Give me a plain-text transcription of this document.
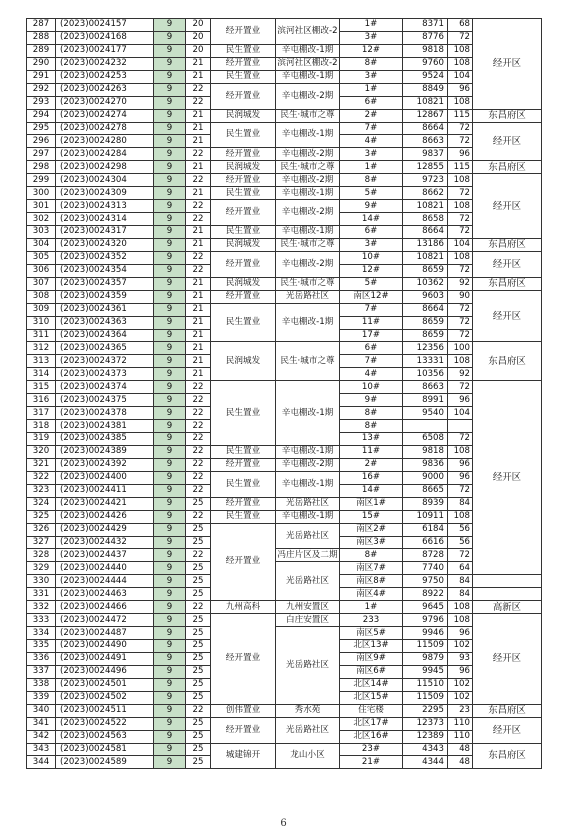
287	(2023)0024157	9	20	经开置业	滨河社区棚改-2	1#	8371	68	经开区
288	(2023)0024168	9	20			3#	8776	72	
289	(2023)0024177	9	20	民生置业	辛屯棚改-1期	12#	9818	108	
290	(2023)0024232	9	21	经开置业	滨河社区棚改-2	8#	9760	108	
291	(2023)0024253	9	21	民生置业	辛屯棚改-1期	3#	9524	104	
292	(2023)0024263	9	22	经开置业	辛屯棚改-2期	1#	8849	96	
293	(2023)0024270	9	22			6#	10821	108	
294	(2023)0024274	9	21	民润城发	民生·城市之尊	2#	12867	115	东昌府区
295	(2023)0024278	9	21	民生置业	辛屯棚改-1期	7#	8664	72	经开区
296	(2023)0024280	9	21			4#	8663	72	
297	(2023)0024284	9	22	经开置业	辛屯棚改-2期	3#	9837	96	
298	(2023)0024298	9	21	民润城发	民生·城市之尊	1#	12855	115	东昌府区
299	(2023)0024304	9	22	经开置业	辛屯棚改-2期	8#	9723	108	经开区
300	(2023)0024309	9	21	民生置业	辛屯棚改-1期	5#	8662	72	
301	(2023)0024313	9	22	经开置业	辛屯棚改-2期	9#	10821	108	
302	(2023)0024314	9	22			14#	8658	72	
303	(2023)0024317	9	21	民生置业	辛屯棚改-1期	6#	8664	72	
304	(2023)0024320	9	21	民润城发	民生·城市之尊	3#	13186	104	东昌府区
305	(2023)0024352	9	22	经开置业	辛屯棚改-2期	10#	10821	108	经开区
306	(2023)0024354	9	22			12#	8659	72	
307	(2023)0024357	9	21	民润城发	民生·城市之尊	5#	10362	92	东昌府区
308	(2023)0024359	9	21	经开置业	光岳路社区	南区12#	9603	90	经开区
309	(2023)0024361	9	21	民生置业	辛屯棚改-1期	7#	8664	72	
310	(2023)0024363	9	21			11#	8659	72	
311	(2023)0024364	9	21			17#	8659	72	
312	(2023)0024365	9	21	民润城发	民生·城市之尊	6#	12356	100	东昌府区
313	(2023)0024372	9	21			7#	13331	108	
314	(2023)0024373	9	21			4#	10356	92	
315	(2023)0024374	9	22	民生置业	辛屯棚改-1期	10#	8663	72	经开区
316	(2023)0024375	9	22			9#	8991	96	
317	(2023)0024378	9	22			8#	9540	104	
318	(2023)0024381	9	22			8#			
319	(2023)0024385	9	22			13#	6508	72	
320	(2023)0024389	9	22	民生置业	辛屯棚改-1期	11#	9818	108	
321	(2023)0024392	9	22	经开置业	辛屯棚改-2期	2#	9836	96	
322	(2023)0024400	9	22	民生置业	辛屯棚改-1期	16#	9000	96	
323	(2023)0024411	9	22			14#	8665	72	
324	(2023)0024421	9	25	经开置业	光岳路社区	南区1#	8939	84	
325	(2023)0024426	9	22	民生置业	辛屯棚改-1期	15#	10911	108	
326	(2023)0024429	9	25	经开置业	光岳路社区	南区2#	6184	56	
327	(2023)0024432	9	25			南区3#	6616	56	
328	(2023)0024437	9	22		冯庄片区及二期	8#	8728	72	
329	(2023)0024440	9	25		光岳路社区	南区7#	7740	64	
330	(2023)0024444	9	25			南区8#	9750	84	
331	(2023)0024463	9	25			南区4#	8922	84	
332	(2023)0024466	9	22	九州高科	九州安置区	1#	9645	108	高新区
333	(2023)0024472	9	25	经开置业	白庄安置区	233	9796	108	经开区
334	(2023)0024487	9	25		光岳路社区	南区5#	9946	96	
335	(2023)0024490	9	25			北区13#	11509	102	
336	(2023)0024491	9	25			南区9#	9879	93	
337	(2023)0024496	9	25			南区6#	9945	96	
338	(2023)0024501	9	25			北区14#	11510	102	
339	(2023)0024502	9	25			北区15#	11509	102	
340	(2023)0024511	9	22	创伟置业	秀水苑	住宅楼	2295	23	东昌府区
341	(2023)0024522	9	25	经开置业	光岳路社区	北区17#	12373	110	经开区
342	(2023)0024563	9	25			北区16#	12389	110	
343	(2023)0024581	9	25	城建锦开	龙山小区	23#	4343	48	东昌府区
344	(2023)0024589	9	25			21#	4344	48	
6
